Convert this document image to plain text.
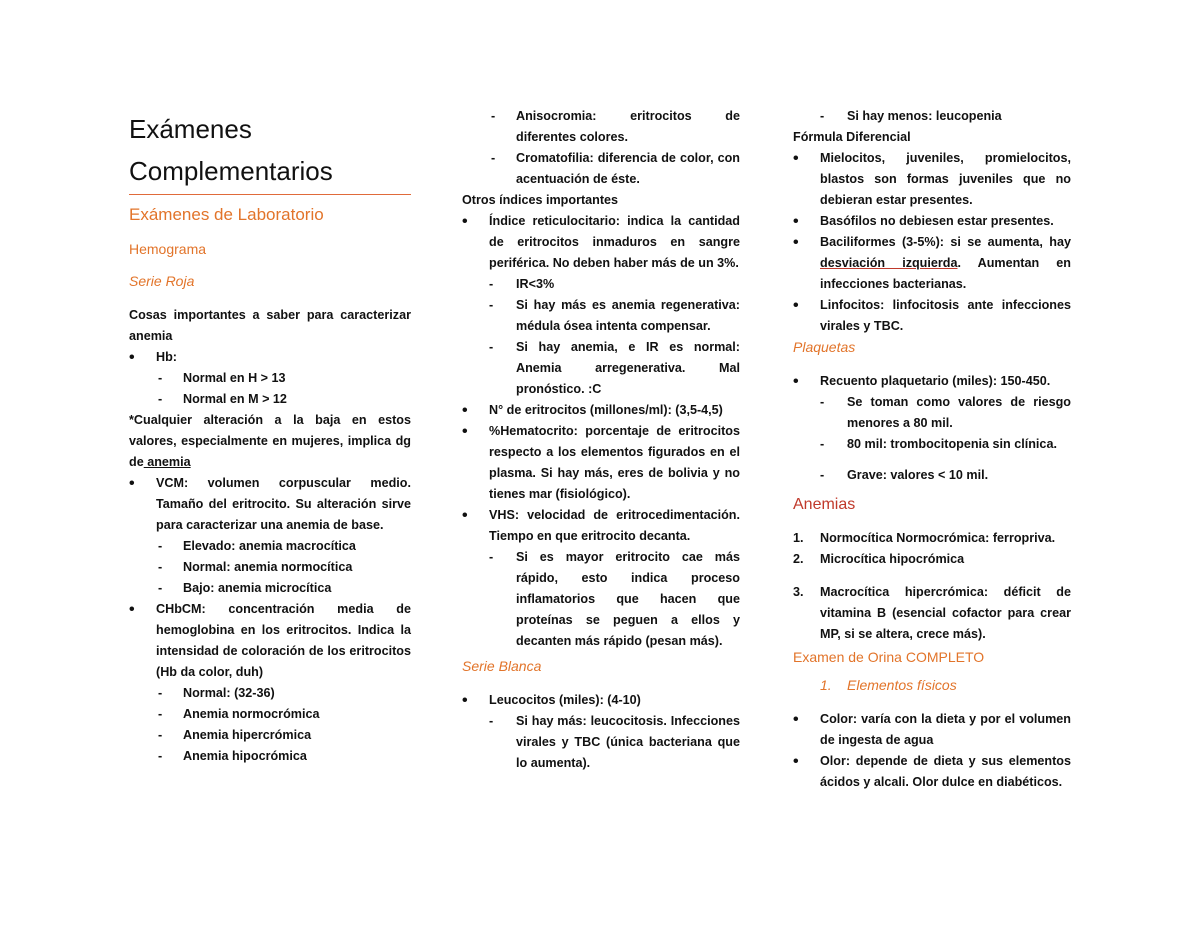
Exámenes
Complementarios
Exámenes de Laboratorio
Hemograma
Serie Roja

Cosas importantes a saber para caracterizar anemia

• Hb:
- Normal en H > 13
- Normal en M > 12

*Cualquier alteración a la baja en estos valores, especialmente en mujeres, implica dg de anemia

• VCM: volumen corpuscular medio. Tamaño del eritrocito. Su alteración sirve para caracterizar una anemia de base.
- Elevado: anemia macrocítica
- Normal: anemia normocítica
- Bajo: anemia microcítica
• CHbCM: concentración media de hemoglobina en los eritrocitos. Indica la intensidad de coloración de los eritrocitos (Hb da color, duh)
- Normal: (32-36)
- Anemia normocrómica
- Anemia hipercrómica
- Anemia hipocrómica
- Anisocromia: eritrocitos de diferentes colores.
- Cromatofilia: diferencia de color, con acentuación de éste.

Otros índices importantes

• Índice reticulocitario: indica la cantidad de eritrocitos inmaduros en sangre periférica. No deben haber más de un 3%.
- IR<3%
- Si hay más es anemia regenerativa: médula ósea intenta compensar.
- Si hay anemia, e IR es normal: Anemia arregenerativa. Mal pronóstico. :C
• N° de eritrocitos (millones/ml): (3,5-4,5)
• %Hematocrito: porcentaje de eritrocitos respecto a los elementos figurados en el plasma. Si hay más, eres de bolivia y no tienes mar (fisiológico).
• VHS: velocidad de eritrocedimentación. Tiempo en que eritrocito decanta.
- Si es mayor eritrocito cae más rápido, esto indica proceso inflamatorios que hacen que proteínas se peguen a ellos y decanten más rápido (pesan más).
Serie Blanca
• Leucocitos (miles): (4-10)
- Si hay más: leucocitosis. Infecciones virales y TBC (única bacteriana que lo aumenta).
- Si hay menos: leucopenia

Fórmula Diferencial

• Mielocitos, juveniles, promielocitos, blastos son formas juveniles que no debieran estar presentes.
• Basófilos no debiesen estar presentes.
• Baciliformes (3-5%): si se aumenta, hay desviación izquierda. Aumentan en infecciones bacterianas.
• Linfocitos: linfocitosis ante infecciones virales y TBC.
Plaquetas
• Recuento plaquetario (miles): 150-450.
- Se toman como valores de riesgo menores a 80 mil.
- 80 mil: trombocitopenia sin clínica.
- Grave: valores < 10 mil.
Anemias
1. Normocítica Normocrómica: ferropriva.
2. Microcítica hipocrómica
3. Macrocítica hipercrómica: déficit de vitamina B (esencial cofactor para crear MP, si se altera, crece más).
Examen de Orina COMPLETO
1. Elementos físicos
• Color: varía con la dieta y por el volumen de ingesta de agua
• Olor: depende de dieta y sus elementos ácidos y alcali. Olor dulce en diabéticos.
